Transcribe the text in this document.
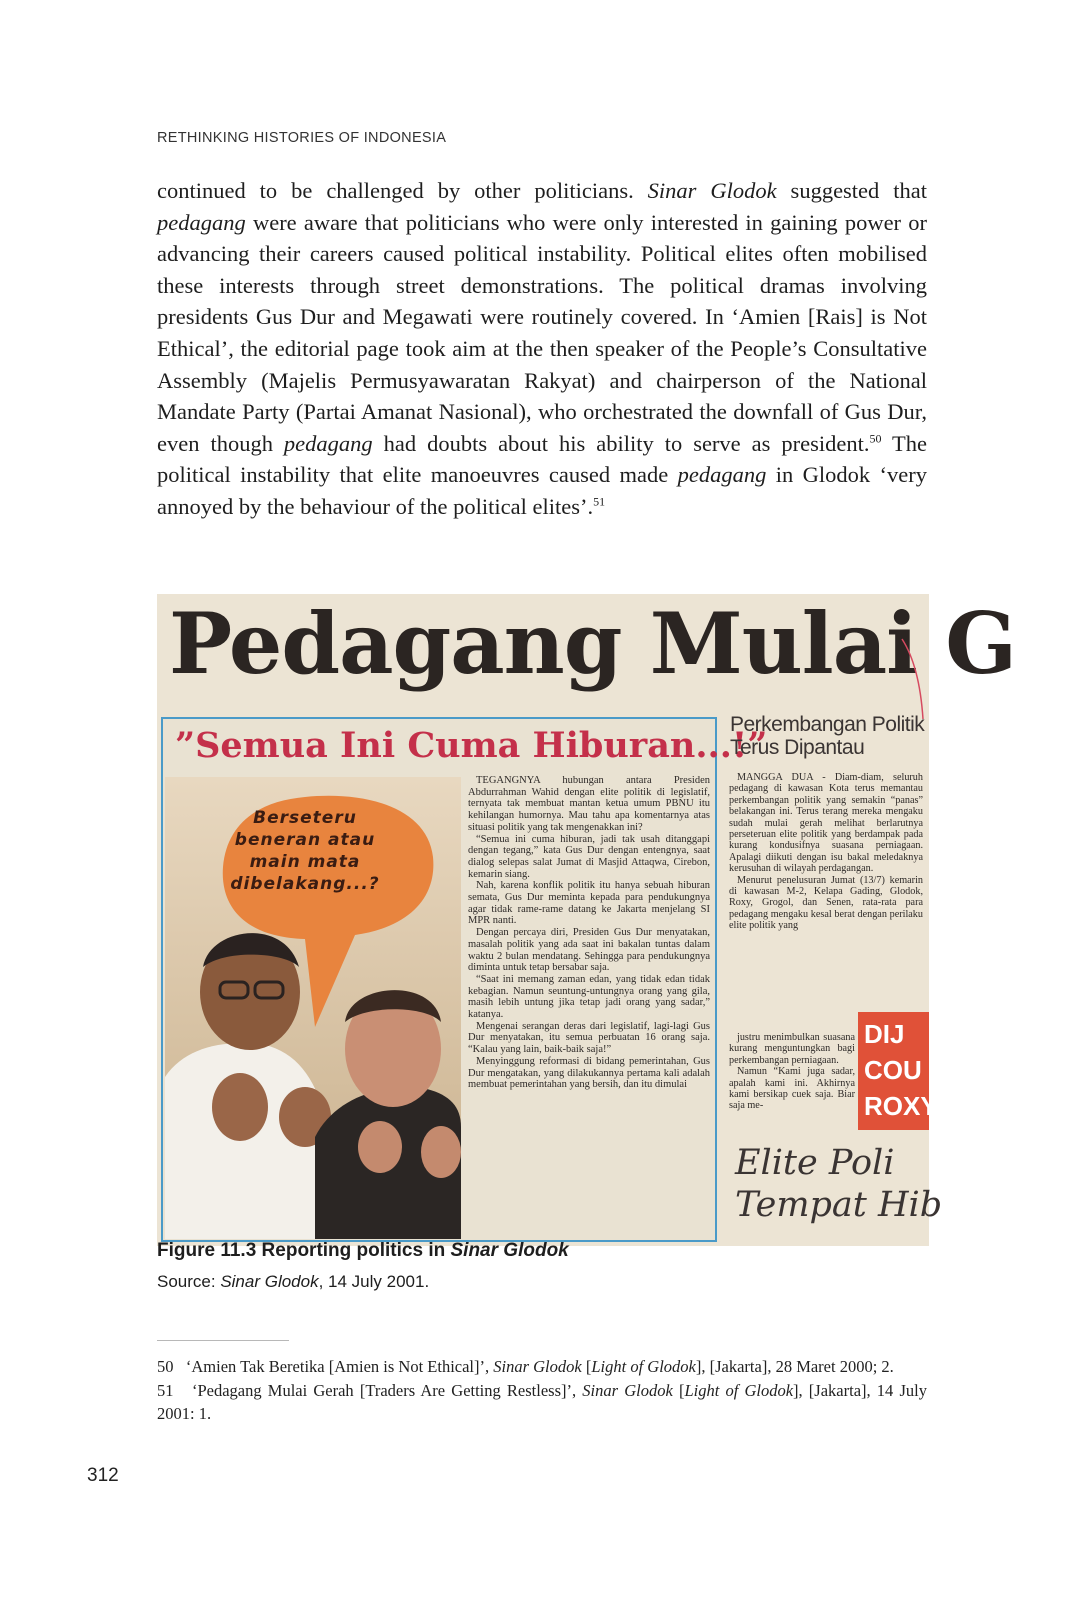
RETHINKING HISTORIES OF INDONESIA

continued to be challenged by other politicians. Sinar Glodok suggested that pedagang were aware that politicians who were only interested in gaining power or advancing their careers caused political instability. Political elites often mobilised these interests through street demonstrations. The political dramas involving presidents Gus Dur and Megawati were routinely covered. In ‘Amien [Rais] is Not Ethical’, the editorial page took aim at the then speaker of the People’s Consultative Assembly (Majelis Permusyawaratan Rakyat) and chairperson of the National Mandate Party (Partai Amanat Nasional), who orchestrated the downfall of Gus Dur, even though pedagang had doubts about his ability to serve as president.$^{50}$ The political instability that elite manoeuvres caused made pedagang in Glodok ‘very annoyed by the behaviour of the political elites’.$^{51}$

Pedagang Mulai G
”Semua Ini Cuma Hiburan...!”
Berseteru beneran atau main mata dibelakang...?

TEGANGNYA hubungan antara Presiden Abdurrahman Wahid dengan elite politik di legislatif, ternyata tak membuat mantan ketua umum PBNU itu kehilangan humornya. Mau tahu apa komentarnya atas situasi politik yang tak mengenakkan ini?

“Semua ini cuma hiburan, jadi tak usah ditanggapi dengan tegang,” kata Gus Dur dengan entengnya, saat dialog selepas salat Jumat di Masjid Attaqwa, Cirebon, kemarin siang.

Nah, karena konflik politik itu hanya sebuah hiburan semata, Gus Dur meminta kepada para pendukungnya agar tidak rame-rame datang ke Jakarta menjelang SI MPR nanti.

Dengan percaya diri, Presiden Gus Dur menyatakan, masalah politik yang ada saat ini bakalan tuntas dalam waktu 2 bulan mendatang. Sehingga para pendukungnya diminta untuk tetap bersabar saja.

“Saat ini memang zaman edan, yang tidak edan tidak kebagian. Namun seuntung-untungnya orang yang gila, masih lebih untung jika tetap jadi orang yang sadar,” katanya.

Mengenai serangan deras dari legislatif, lagi-lagi Gus Dur menyatakan, itu semua perbuatan 16 orang saja. “Kalau yang lain, baik-baik saja!”

Menyinggung reformasi di bidang pemerintahan, Gus Dur mengatakan, yang dilakukannya pertama kali adalah membuat pemerintahan yang bersih, dan itu dimulai

Perkembangan Politik Terus Dipantau

MANGGA DUA - Diam-diam, seluruh pedagang di kawasan Kota terus memantau perkembangan politik yang semakin “panas” belakangan ini. Terus terang mereka mengaku sudah mulai gerah melihat berlarutnya perseteruan elite politik yang berdampak pada kurang kondusifnya suasana perniagaan. Apalagi diikuti dengan isu bakal meledaknya kerusuhan di wilayah perdagangan.

Menurut penelusuran Jumat (13/7) kemarin di kawasan M-2, Kelapa Gading, Glodok, Roxy, Grogol, dan Senen, rata-rata para pedagang mengaku kesal berat dengan perilaku elite politik yang

justru menimbulkan suasana kurang menguntungkan bagi perkembangan perniagaan.

Namun “Kami juga sadar, apalah kami ini. Akhirnya kami bersikap cuek saja. Biar saja me-

DIJ
COU
ROXY
Elite Poli
Tempat Hib
Figure 11.3 Reporting politics in Sinar Glodok
Source: Sinar Glodok, 14 July 2001.

50 ‘Amien Tak Beretika [Amien is Not Ethical]’, Sinar Glodok [Light of Glodok], [Jakarta], 28 Maret 2000; 2.

51 ‘Pedagang Mulai Gerah [Traders Are Getting Restless]’, Sinar Glodok [Light of Glodok], [Jakarta], 14 July 2001: 1.

312
